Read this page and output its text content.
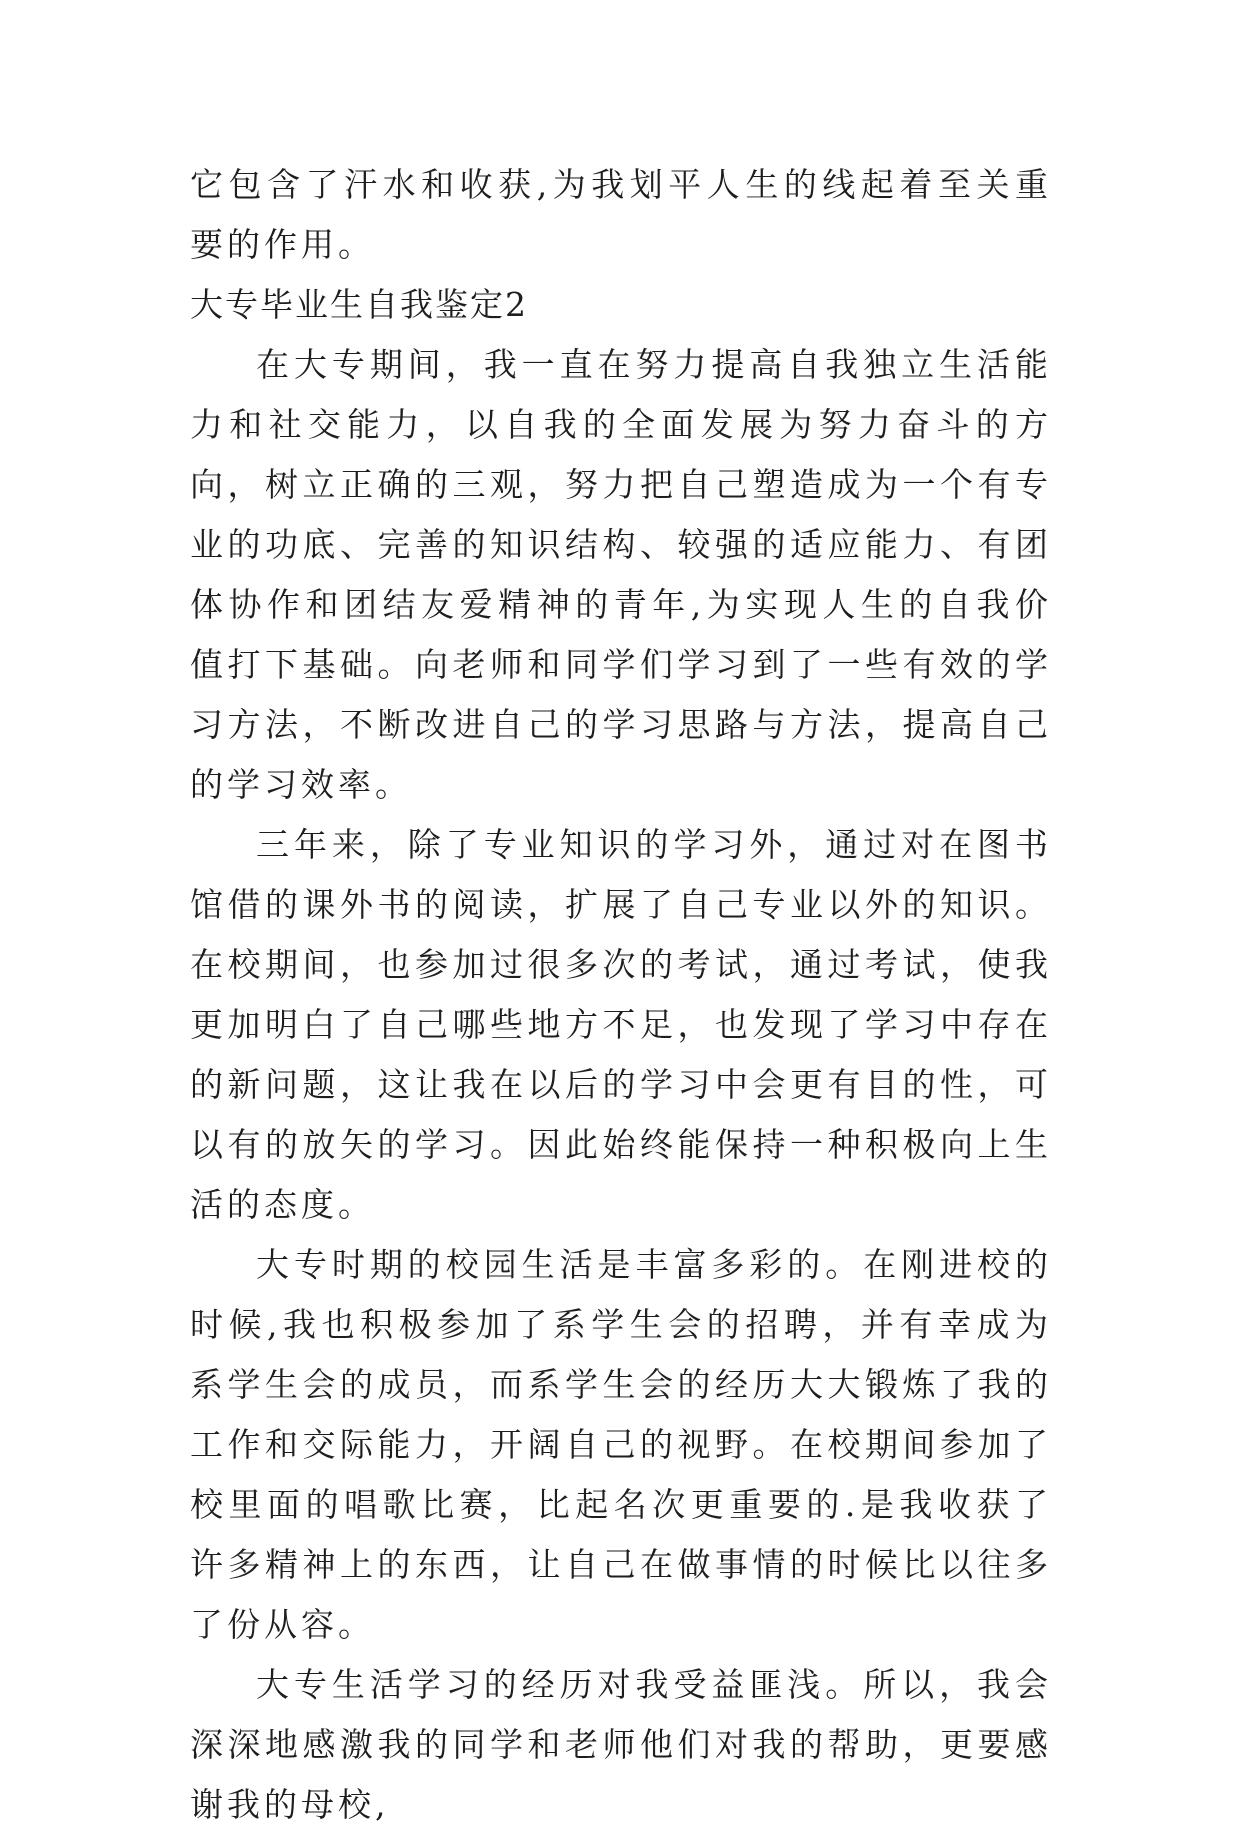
它包含了汗水和收获,为我划平人生的线起着至关重要的作用。

大专毕业生自我鉴定2

在大专期间，我一直在努力提高自我独立生活能力和社交能力，以自我的全面发展为努力奋斗的方向，树立正确的三观，努力把自己塑造成为一个有专业的功底、完善的知识结构、较强的适应能力、有团体协作和团结友爱精神的青年,为实现人生的自我价值打下基础。向老师和同学们学习到了一些有效的学习方法，不断改进自己的学习思路与方法，提高自己的学习效率。

三年来，除了专业知识的学习外，通过对在图书馆借的课外书的阅读，扩展了自己专业以外的知识。在校期间，也参加过很多次的考试，通过考试，使我更加明白了自己哪些地方不足，也发现了学习中存在的新问题，这让我在以后的学习中会更有目的性，可以有的放矢的学习。因此始终能保持一种积极向上生活的态度。

大专时期的校园生活是丰富多彩的。在刚进校的时候,我也积极参加了系学生会的招聘，并有幸成为系学生会的成员，而系学生会的经历大大锻炼了我的工作和交际能力，开阔自己的视野。在校期间参加了校里面的唱歌比赛，比起名次更重要的.是我收获了许多精神上的东西，让自己在做事情的时候比以往多了份从容。

大专生活学习的经历对我受益匪浅。所以，我会深深地感激我的同学和老师他们对我的帮助，更要感谢我的母校,
